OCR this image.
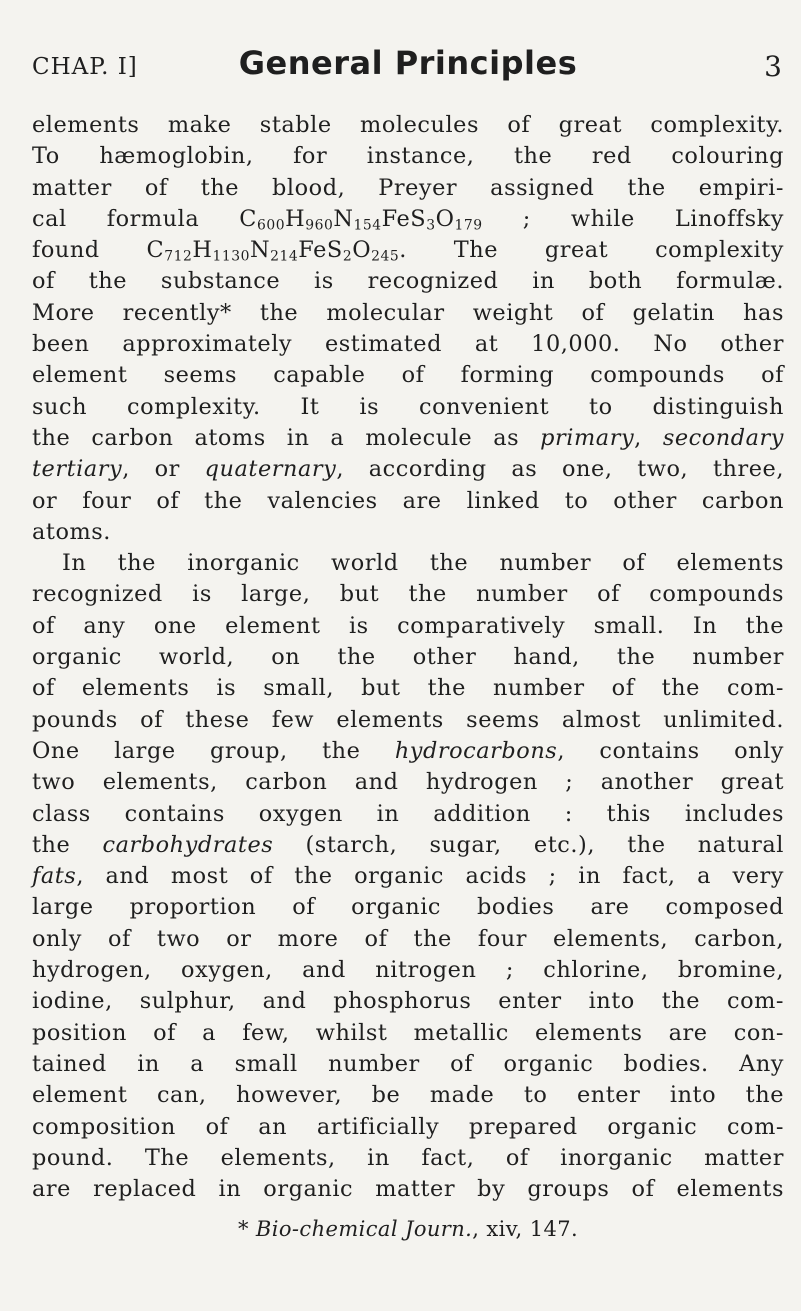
CHAP. I]	General Principles	3

elements make stable molecules of great complexity.
To hæmoglobin, for instance, the red colouring
matter of the blood, Preyer assigned the empiri-
cal formula $C_{600}H_{960}N_{154}FeS_3O_{179}$ ; while Linoffsky
found $C_{712}H_{1130}N_{214}FeS_2O_{245}$. The great complexity
of the substance is recognized in both formulæ.
More recently* the molecular weight of gelatin has
been approximately estimated at 10,000. No other
element seems capable of forming compounds of
such complexity. It is convenient to distinguish
the carbon atoms in a molecule as primary, secondary
tertiary, or quaternary, according as one, two, three,
or four of the valencies are linked to other carbon
atoms.

In the inorganic world the number of elements
recognized is large, but the number of compounds
of any one element is comparatively small. In the
organic world, on the other hand, the number
of elements is small, but the number of the com-
pounds of these few elements seems almost unlimited.
One large group, the hydrocarbons, contains only
two elements, carbon and hydrogen ; another great
class contains oxygen in addition : this includes
the carbohydrates (starch, sugar, etc.), the natural
fats, and most of the organic acids ; in fact, a very
large proportion of organic bodies are composed
only of two or more of the four elements, carbon,
hydrogen, oxygen, and nitrogen ; chlorine, bromine,
iodine, sulphur, and phosphorus enter into the com-
position of a few, whilst metallic elements are con-
tained in a small number of organic bodies. Any
element can, however, be made to enter into the
composition of an artificially prepared organic com-
pound. The elements, in fact, of inorganic matter
are replaced in organic matter by groups of elements

* Bio-chemical Journ., xiv, 147.
